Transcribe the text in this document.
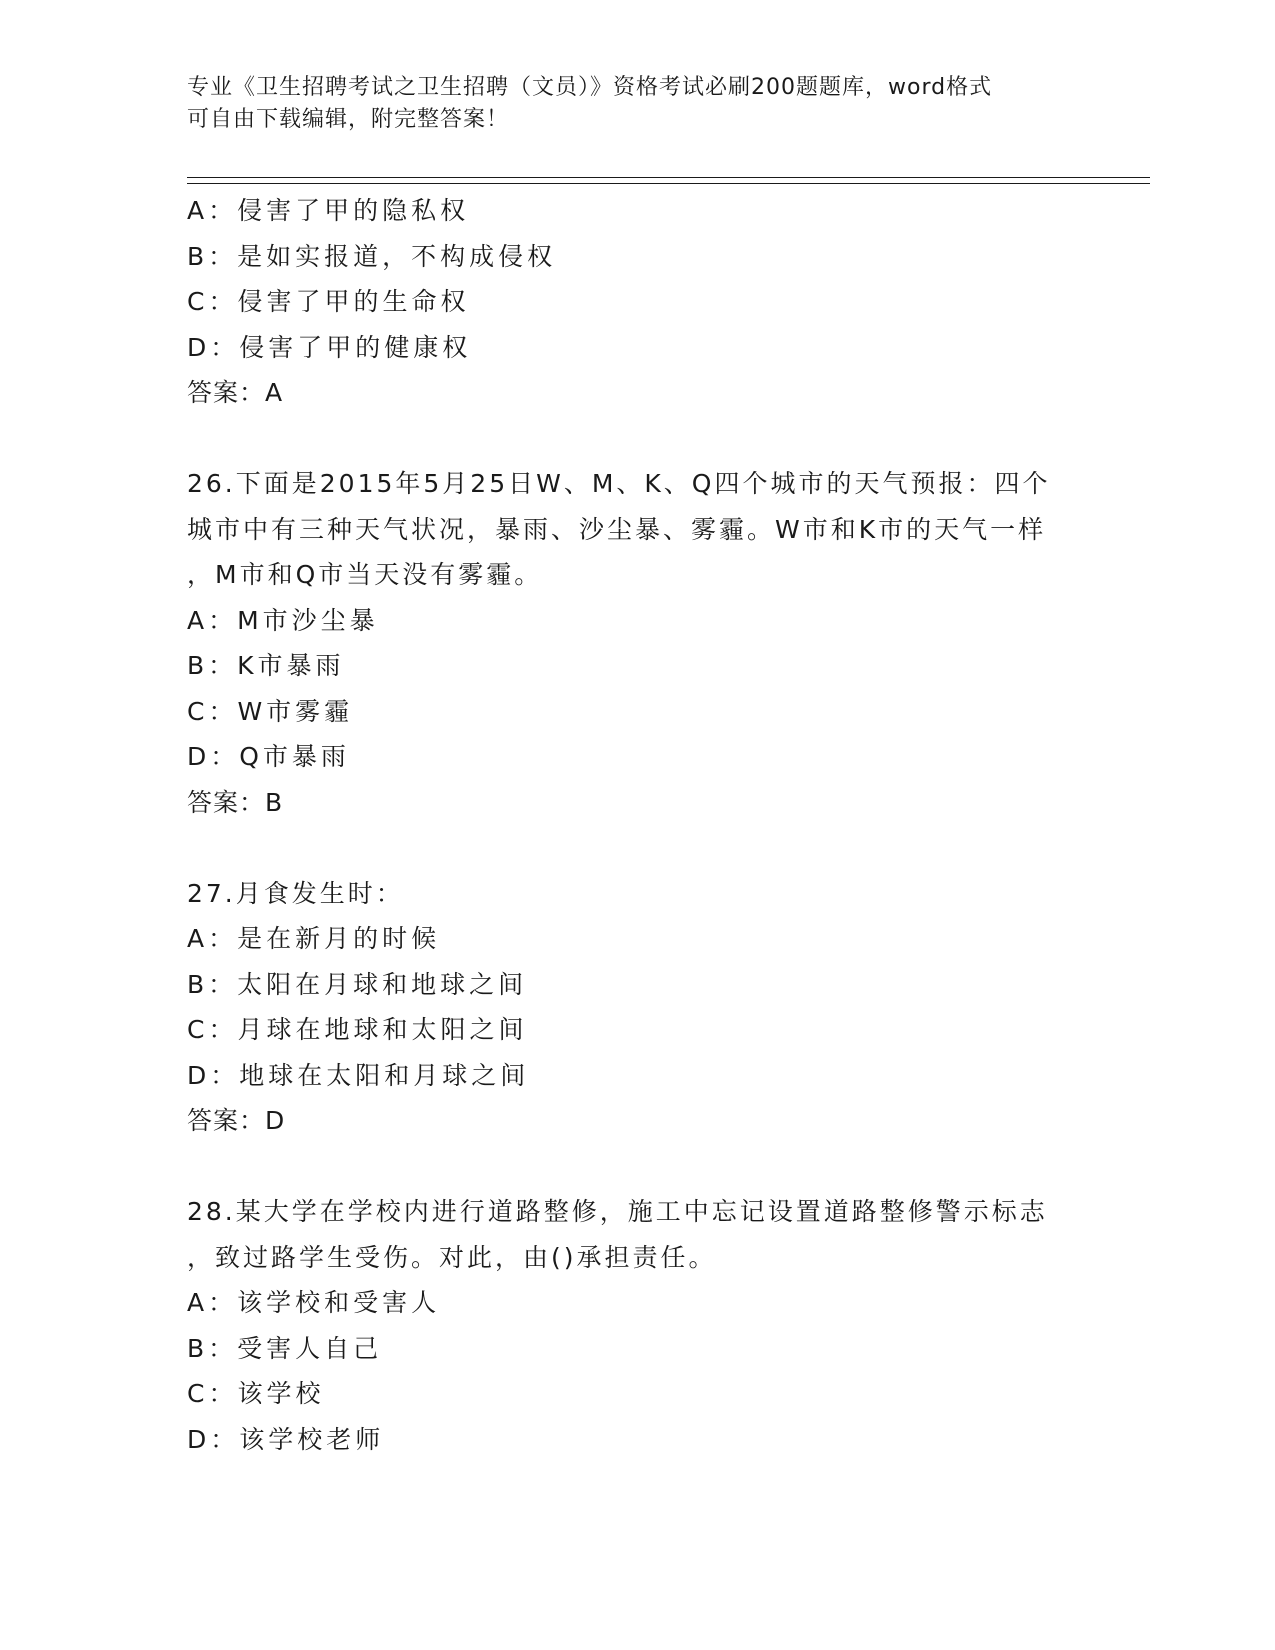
专业《卫生招聘考试之卫生招聘（文员）》资格考试必刷200题题库，word格式
可自由下载编辑，附完整答案！
A：侵害了甲的隐私权
B：是如实报道，不构成侵权
C：侵害了甲的生命权
D：侵害了甲的健康权
答案：A
26.下面是2015年5月25日W、M、K、Q四个城市的天气预报：四个
城市中有三种天气状况，暴雨、沙尘暴、雾霾。W市和K市的天气一样
，M市和Q市当天没有雾霾。
A：M市沙尘暴
B：K市暴雨
C：W市雾霾
D：Q市暴雨
答案：B
27.月食发生时：
A：是在新月的时候
B：太阳在月球和地球之间
C：月球在地球和太阳之间
D：地球在太阳和月球之间
答案：D
28.某大学在学校内进行道路整修，施工中忘记设置道路整修警示标志
，致过路学生受伤。对此，由()承担责任。
A：该学校和受害人
B：受害人自己
C：该学校
D：该学校老师
